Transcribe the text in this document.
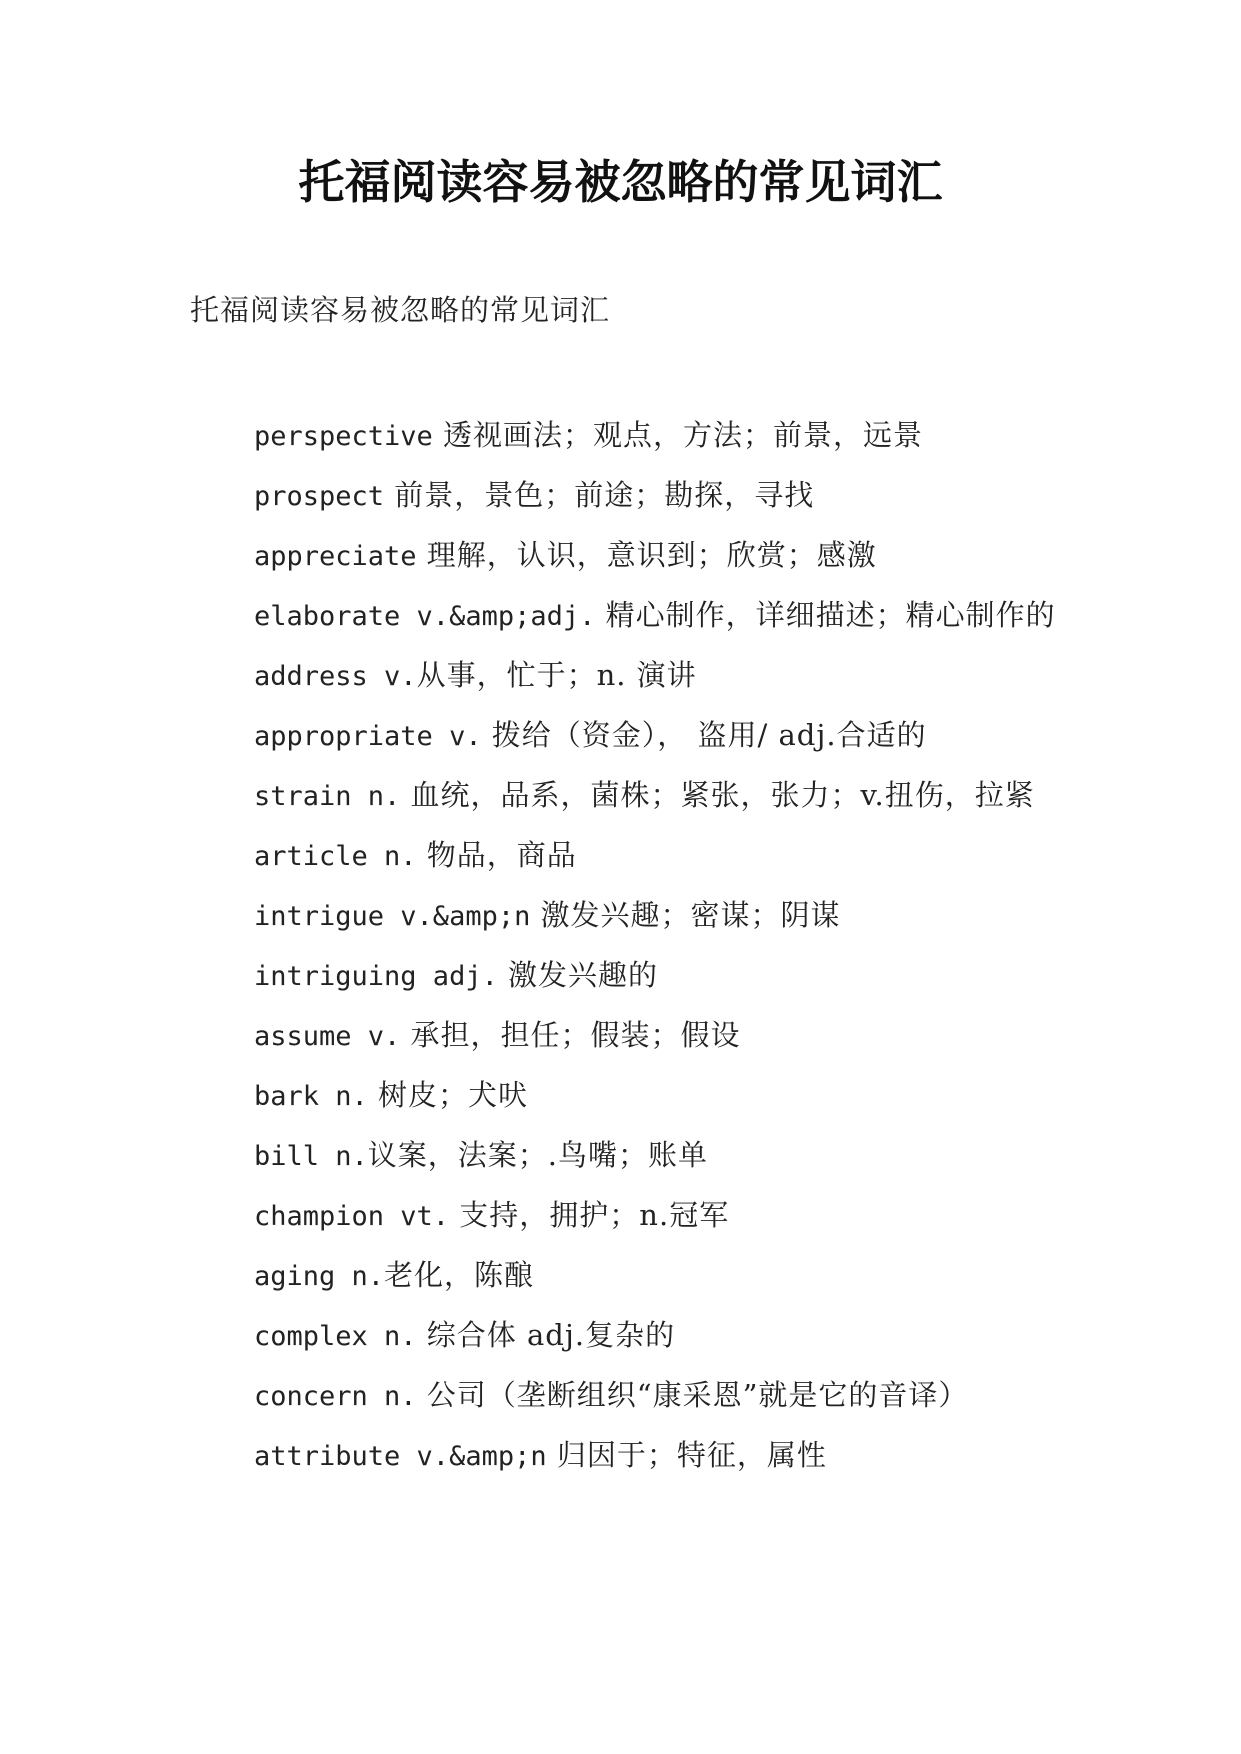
托福阅读容易被忽略的常见词汇

托福阅读容易被忽略的常见词汇

perspective 透视画法；观点，方法；前景，远景
prospect 前景，景色；前途；勘探，寻找
appreciate 理解，认识，意识到；欣赏；感激
elaborate v.&amp;adj. 精心制作，详细描述；精心制作的
address v.从事，忙于；n. 演讲
appropriate v. 拨给（资金）， 盗用/ adj.合适的
strain n. 血统，品系，菌株；紧张，张力；v.扭伤，拉紧
article n. 物品，商品
intrigue v.&amp;n 激发兴趣；密谋；阴谋
intriguing adj. 激发兴趣的
assume v. 承担，担任；假装；假设
bark n. 树皮；犬吠
bill n.议案，法案；.鸟嘴；账单
champion vt. 支持，拥护；n.冠军
aging n.老化，陈酿
complex n. 综合体 adj.复杂的
concern n. 公司（垄断组织“康采恩”就是它的音译）
attribute v.&amp;n 归因于；特征，属性
